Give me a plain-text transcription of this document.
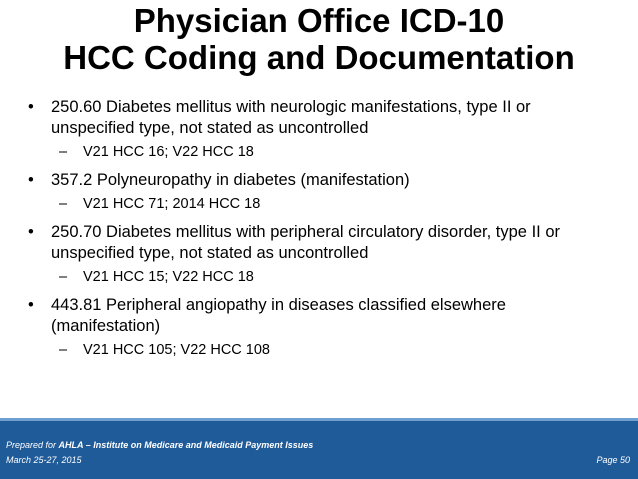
Physician Office ICD-10
HCC Coding and Documentation
• 250.60 Diabetes mellitus with neurologic manifestations, type II or unspecified type, not stated as uncontrolled
– V21 HCC 16; V22 HCC 18
• 357.2 Polyneuropathy in diabetes (manifestation)
– V21 HCC 71; 2014 HCC 18
• 250.70 Diabetes mellitus with peripheral circulatory disorder, type II or unspecified type, not stated as uncontrolled
– V21 HCC 15; V22 HCC 18
• 443.81 Peripheral angiopathy in diseases classified elsewhere (manifestation)
– V21 HCC 105; V22 HCC 108
Prepared for AHLA – Institute on Medicare and Medicaid Payment Issues
March 25-27, 2015	Page 50
